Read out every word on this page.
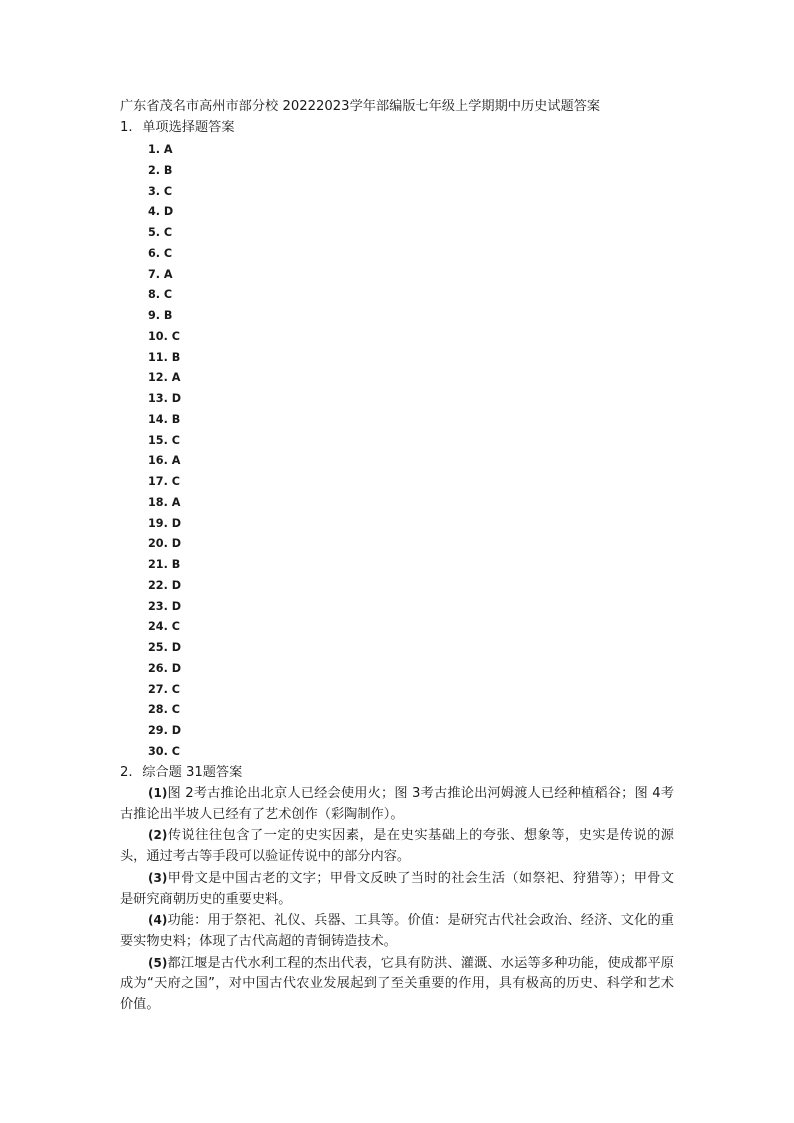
广东省茂名市高州市部分校 20222023学年部编版七年级上学期期中历史试题答案
1. 单项选择题答案
1. A
2. B
3. C
4. D
5. C
6. C
7. A
8. C
9. B
10. C
11. B
12. A
13. D
14. B
15. C
16. A
17. C
18. A
19. D
20. D
21. B
22. D
23. D
24. C
25. D
26. D
27. C
28. C
29. D
30. C
2. 综合题 31题答案

(1)图 2考古推论出北京人已经会使用火；图 3考古推论出河姆渡人已经种植稻谷；图 4考古推论出半坡人已经有了艺术创作（彩陶制作）。

(2)传说往往包含了一定的史实因素，是在史实基础上的夸张、想象等，史实是传说的源头，通过考古等手段可以验证传说中的部分内容。

(3)甲骨文是中国古老的文字；甲骨文反映了当时的社会生活（如祭祀、狩猎等）；甲骨文是研究商朝历史的重要史料。

(4)功能：用于祭祀、礼仪、兵器、工具等。价值：是研究古代社会政治、经济、文化的重要实物史料；体现了古代高超的青铜铸造技术。

(5)都江堰是古代水利工程的杰出代表，它具有防洪、灌溉、水运等多种功能，使成都平原成为“天府之国”，对中国古代农业发展起到了至关重要的作用，具有极高的历史、科学和艺术价值。
